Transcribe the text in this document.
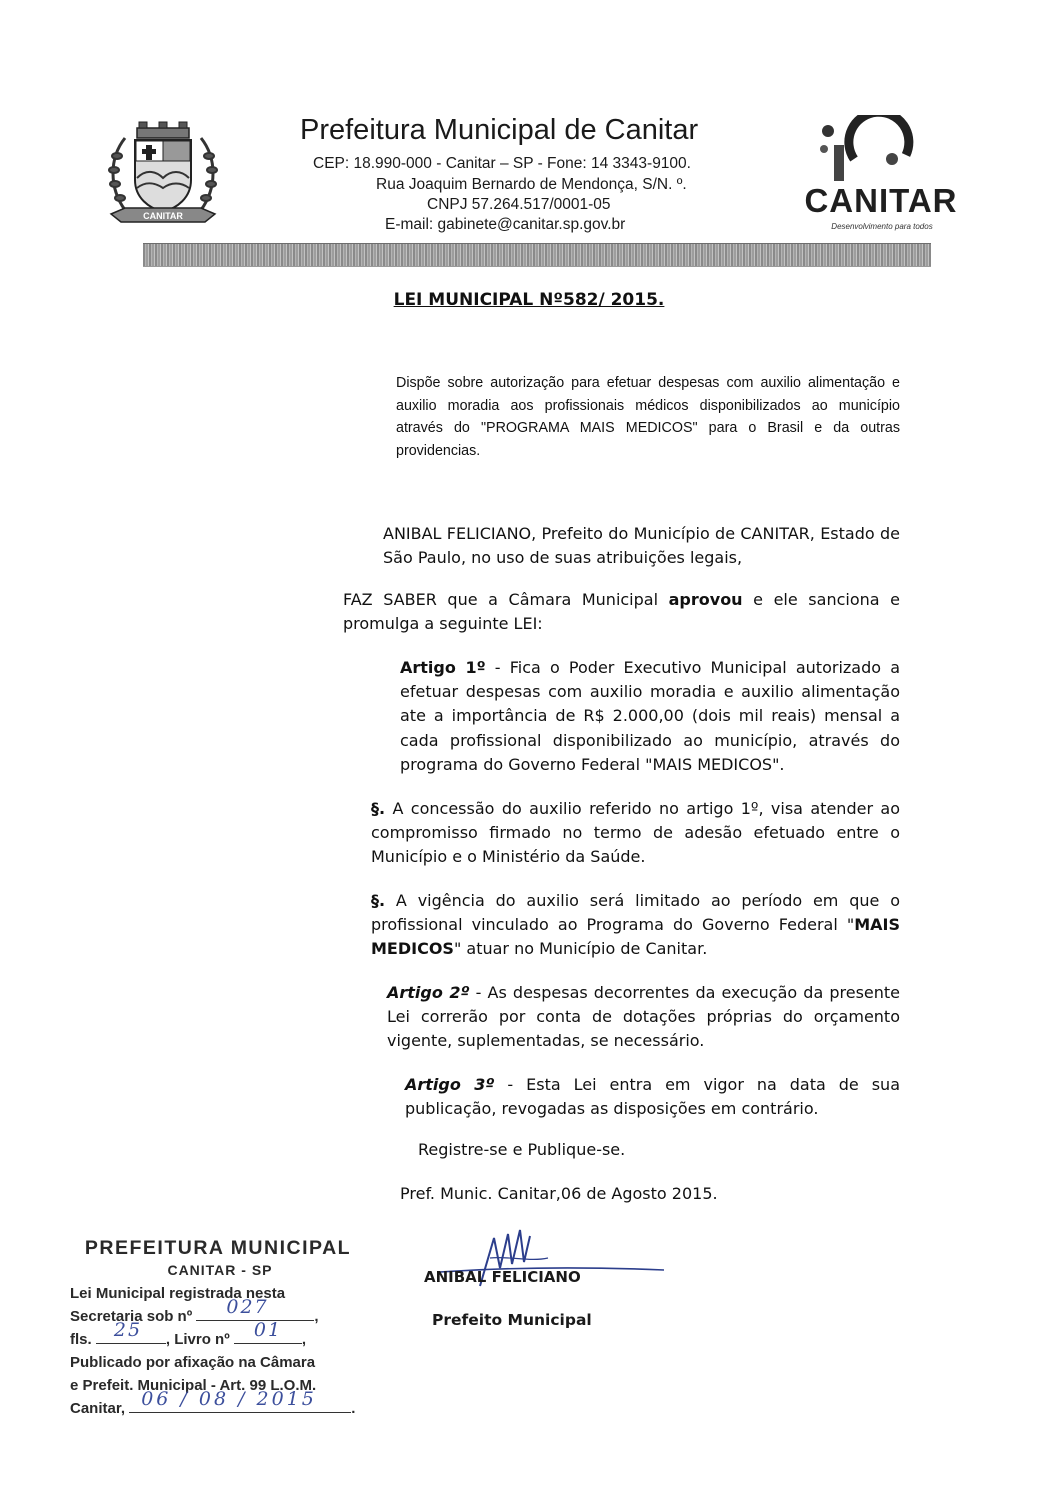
CANITAR
Prefeitura Municipal de Canitar
CEP: 18.990-000 - Canitar – SP - Fone: 14 3343-9100.
Rua Joaquim Bernardo de Mendonça, S/N. º.
CNPJ 57.264.517/0001-05
E-mail: gabinete@canitar.sp.gov.br
CANITAR
Desenvolvimento para todos
LEI MUNICIPAL Nº582/ 2015.
Dispõe sobre autorização para efetuar despesas com auxilio alimentação e auxilio moradia aos profissionais médicos disponibilizados ao município através do "PROGRAMA MAIS MEDICOS" para o Brasil e da outras providencias.
ANIBAL FELICIANO, Prefeito do Município de CANITAR, Estado de São Paulo, no uso de suas atribuições legais,
FAZ SABER que a Câmara Municipal aprovou e ele sanciona e promulga a seguinte LEI:
Artigo 1º - Fica o Poder Executivo Municipal autorizado a efetuar despesas com auxilio moradia e auxilio alimentação ate a importância de R$ 2.000,00 (dois mil reais) mensal a cada profissional disponibilizado ao município, através do programa do Governo Federal "MAIS MEDICOS".
§. A concessão do auxilio referido no artigo 1º, visa atender ao compromisso firmado no termo de adesão efetuado entre o Município e o Ministério da Saúde.
§. A vigência do auxilio será limitado ao período em que o profissional vinculado ao Programa do Governo Federal "MAIS MEDICOS" atuar no Município de Canitar.
Artigo 2º - As despesas decorrentes da execução da presente Lei correrão por conta de dotações próprias do orçamento vigente, suplementadas, se necessário.
Artigo 3º - Esta Lei entra em vigor na data de sua publicação, revogadas as disposições em contrário.
Registre-se e Publique-se.
Pref. Munic. Canitar,06 de Agosto 2015.
PREFEITURA MUNICIPAL
CANITAR - SP
Lei Municipal registrada nesta
Secretaria sob nº 027	,
fls. 25 , Livro nº 01 ,
Publicado por afixação na Câmara
e Prefeit. Municipal - Art. 99 L.O.M.
Canitar, 06 / 08 / 2015 .
ANIBAL FELICIANO
Prefeito Municipal
